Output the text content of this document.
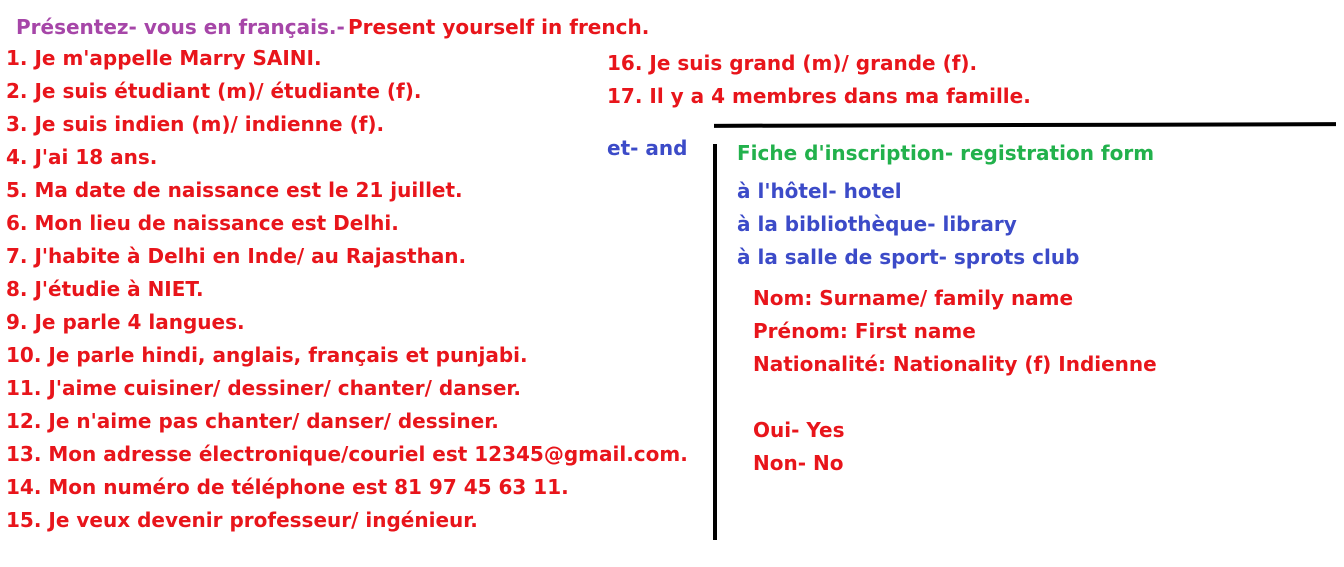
Présentez- vous en français.- Present yourself in french.
1. Je m'appelle Marry SAINI.
2. Je suis étudiant (m)/ étudiante (f).
3. Je suis indien (m)/ indienne (f).
4. J'ai 18 ans.
5. Ma date de naissance est le 21 juillet.
6. Mon lieu de naissance est Delhi.
7. J'habite à Delhi en Inde/ au Rajasthan.
8. J'étudie à NIET.
9. Je parle 4 langues.
10. Je parle hindi, anglais, français et punjabi.
11. J'aime cuisiner/ dessiner/ chanter/ danser.
12. Je n'aime pas chanter/ danser/ dessiner.
13. Mon adresse électronique/couriel est 12345@gmail.com.
14. Mon numéro de téléphone est 81 97 45 63 11.
15. Je veux devenir professeur/ ingénieur.
16. Je suis grand (m)/ grande (f).
17. Il y a 4 membres dans ma famille.
et- and Fiche d'inscription- registration form
à l'hôtel- hotel
à la bibliothèque- library
à la salle de sport- sprots club
Nom: Surname/ family name
Prénom: First name
Nationalité: Nationality (f) Indienne
Oui- Yes
Non- No
